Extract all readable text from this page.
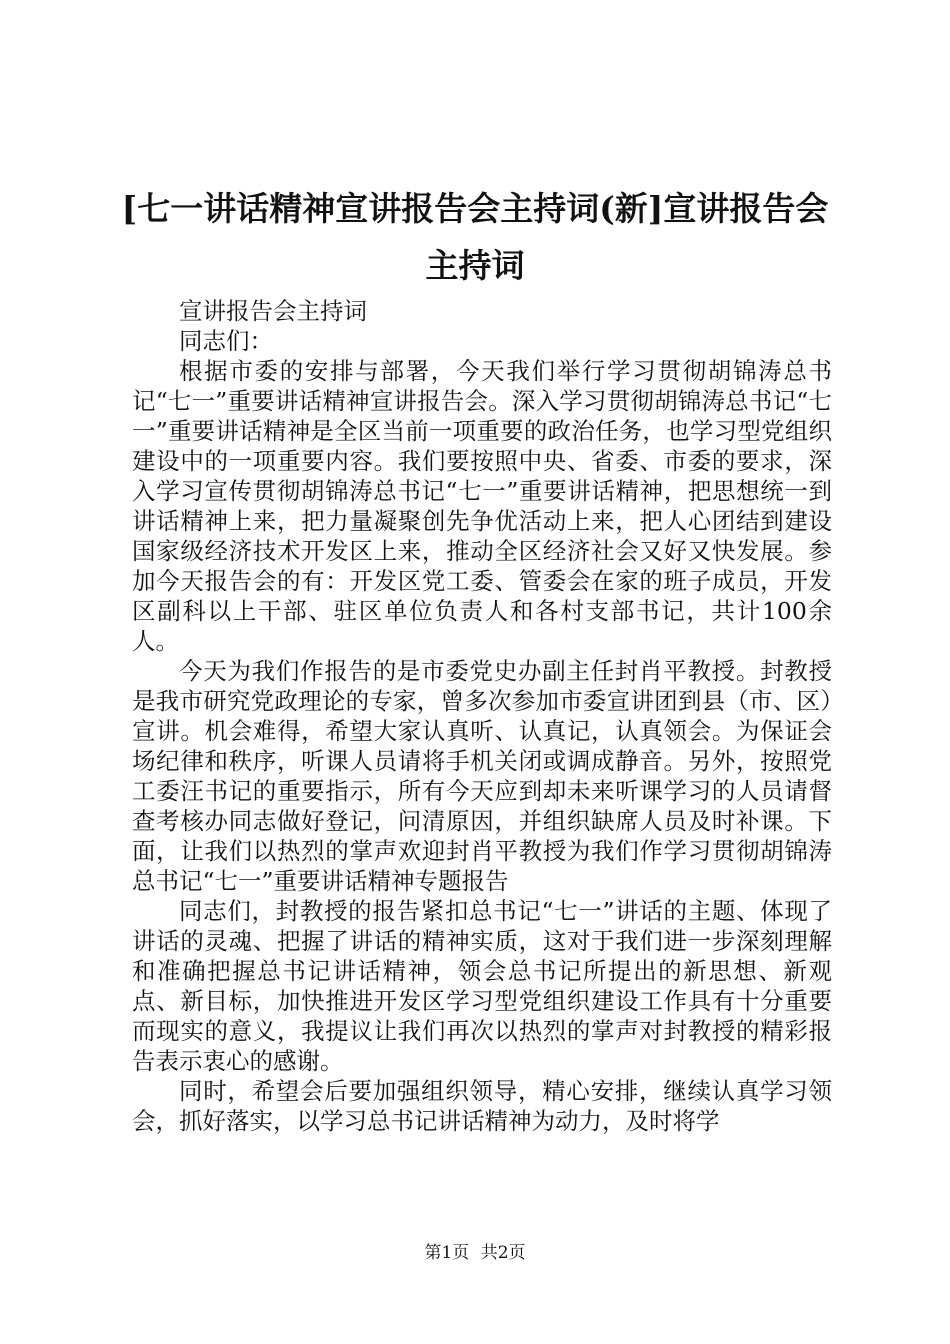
[七一讲话精神宣讲报告会主持词(新]宣讲报告会主持词

宣讲报告会主持词

同志们：

根据市委的安排与部署，今天我们举行学习贯彻胡锦涛总书记“七一”重要讲话精神宣讲报告会。深入学习贯彻胡锦涛总书记“七一”重要讲话精神是全区当前一项重要的政治任务，也学习型党组织建设中的一项重要内容。我们要按照中央、省委、市委的要求，深入学习宣传贯彻胡锦涛总书记“七一”重要讲话精神，把思想统一到讲话精神上来，把力量凝聚创先争优活动上来，把人心团结到建设国家级经济技术开发区上来，推动全区经济社会又好又快发展。参加今天报告会的有：开发区党工委、管委会在家的班子成员，开发区副科以上干部、驻区单位负责人和各村支部书记，共计100余人。

今天为我们作报告的是市委党史办副主任封肖平教授。封教授是我市研究党政理论的专家，曾多次参加市委宣讲团到县（市、区）宣讲。机会难得，希望大家认真听、认真记，认真领会。为保证会场纪律和秩序，听课人员请将手机关闭或调成静音。另外，按照党工委汪书记的重要指示，所有今天应到却未来听课学习的人员请督查考核办同志做好登记，问清原因，并组织缺席人员及时补课。下面，让我们以热烈的掌声欢迎封肖平教授为我们作学习贯彻胡锦涛总书记“七一”重要讲话精神专题报告

同志们，封教授的报告紧扣总书记“七一”讲话的主题、体现了讲话的灵魂、把握了讲话的精神实质，这对于我们进一步深刻理解和准确把握总书记讲话精神，领会总书记所提出的新思想、新观点、新目标，加快推进开发区学习型党组织建设工作具有十分重要而现实的意义，我提议让我们再次以热烈的掌声对封教授的精彩报告表示衷心的感谢。

同时，希望会后要加强组织领导，精心安排，继续认真学习领会，抓好落实，以学习总书记讲话精神为动力，及时将学

第1页 共2页
